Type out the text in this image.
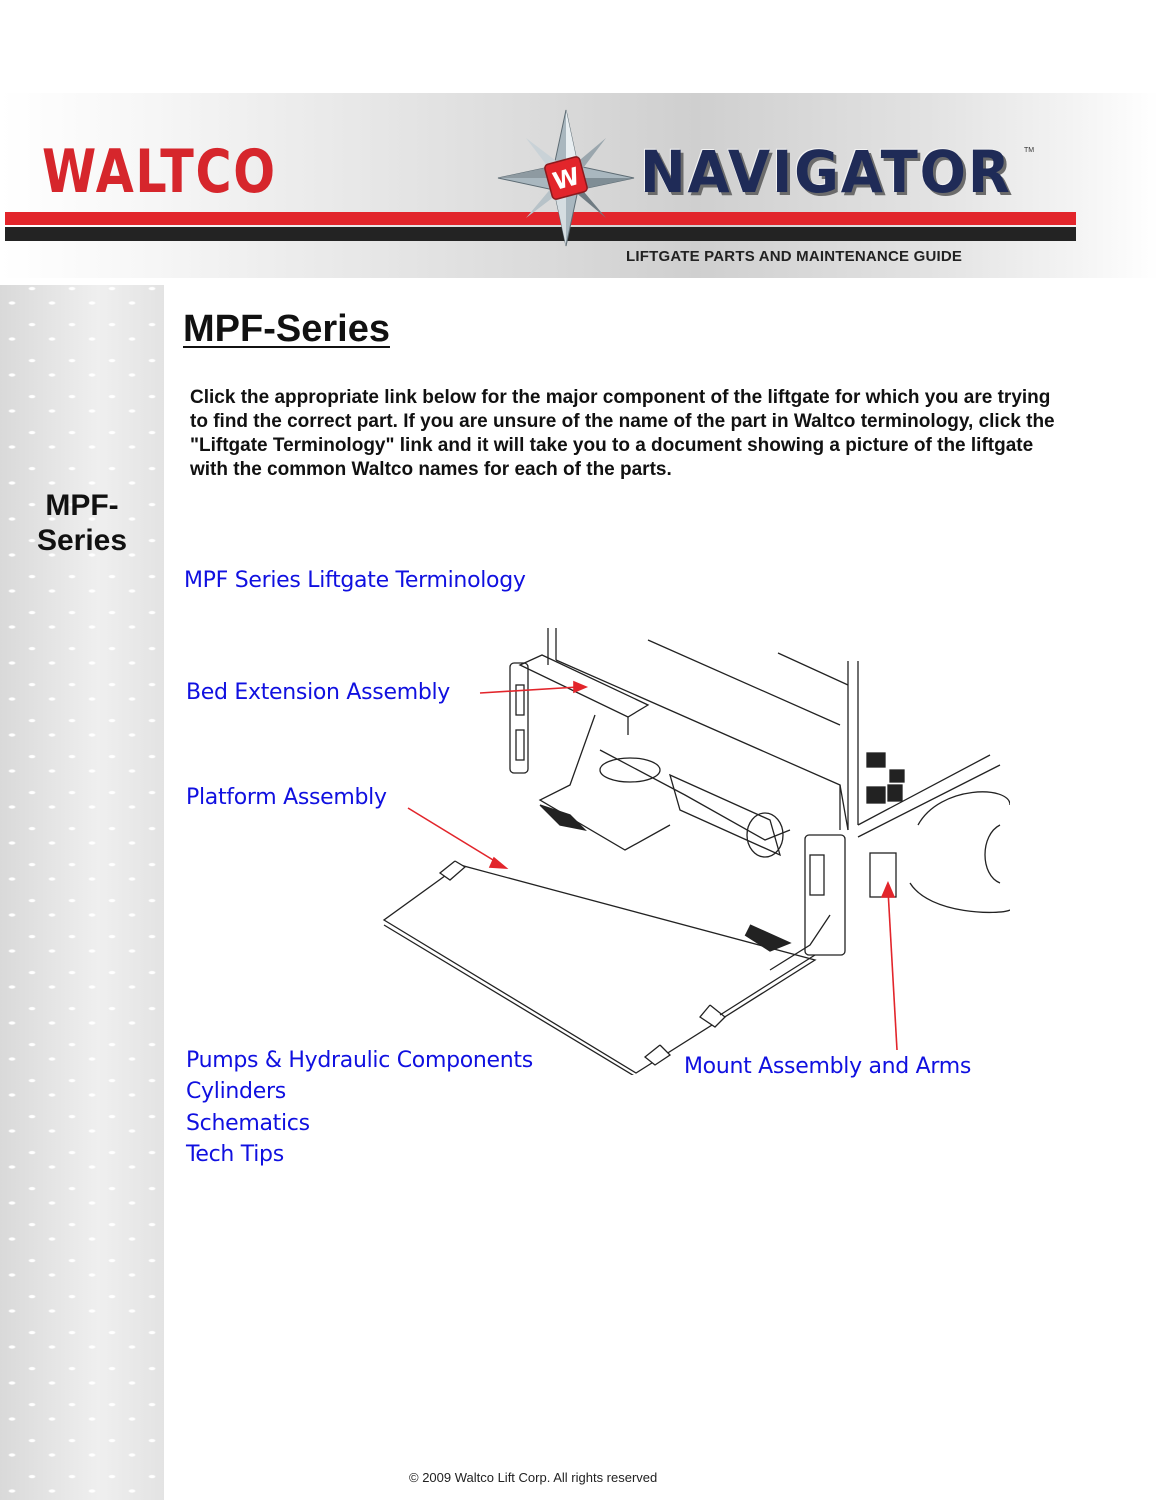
WALTCO	W NAVIGATOR TM
LIFTGATE PARTS AND MAINTENANCE GUIDE
MPF-
Series
MPF-Series
Click the appropriate link below for the major component of the liftgate for which you are trying to find the correct part. If you are unsure of the name of the part in Waltco terminology, click the "Liftgate Terminology" link and it will take you to a document showing a picture of the liftgate with the common Waltco names for each of the parts.
MPF Series Liftgate Terminology
Bed Extension Assembly
Platform Assembly
Mount Assembly and Arms
Pumps & Hydraulic Components
Cylinders
Schematics
Tech Tips
© 2009 Waltco Lift Corp. All rights reserved
